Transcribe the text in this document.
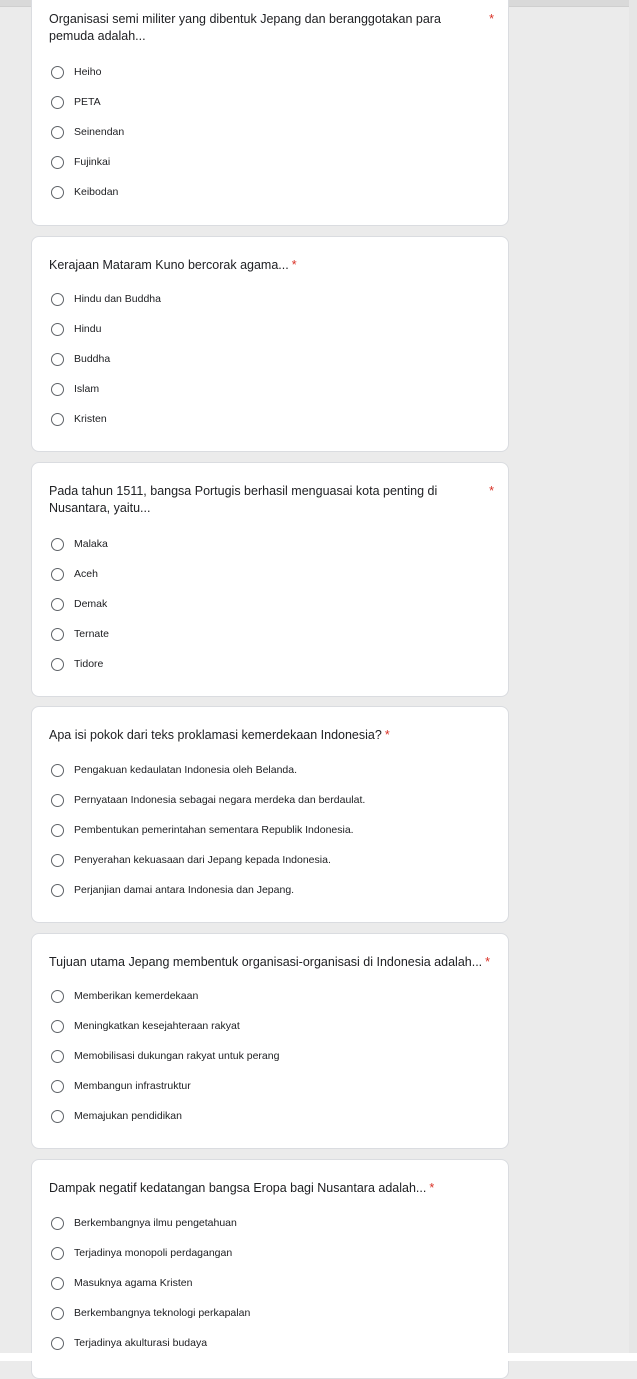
Organisasi semi militer yang dibentuk Jepang dan beranggotakan para pemuda adalah...
*
Heiho
PETA
Seinendan
Fujinkai
Keibodan
Kerajaan Mataram Kuno bercorak agama... *
Hindu dan Buddha
Hindu
Buddha
Islam
Kristen
Pada tahun 1511, bangsa Portugis berhasil menguasai kota penting di Nusantara, yaitu...
*
Malaka
Aceh
Demak
Ternate
Tidore
Apa isi pokok dari teks proklamasi kemerdekaan Indonesia? *
Pengakuan kedaulatan Indonesia oleh Belanda.
Pernyataan Indonesia sebagai negara merdeka dan berdaulat.
Pembentukan pemerintahan sementara Republik Indonesia.
Penyerahan kekuasaan dari Jepang kepada Indonesia.
Perjanjian damai antara Indonesia dan Jepang.
Tujuan utama Jepang membentuk organisasi-organisasi di Indonesia adalah... *
Memberikan kemerdekaan
Meningkatkan kesejahteraan rakyat
Memobilisasi dukungan rakyat untuk perang
Membangun infrastruktur
Memajukan pendidikan
Dampak negatif kedatangan bangsa Eropa bagi Nusantara adalah... *
Berkembangnya ilmu pengetahuan
Terjadinya monopoli perdagangan
Masuknya agama Kristen
Berkembangnya teknologi perkapalan
Terjadinya akulturasi budaya
